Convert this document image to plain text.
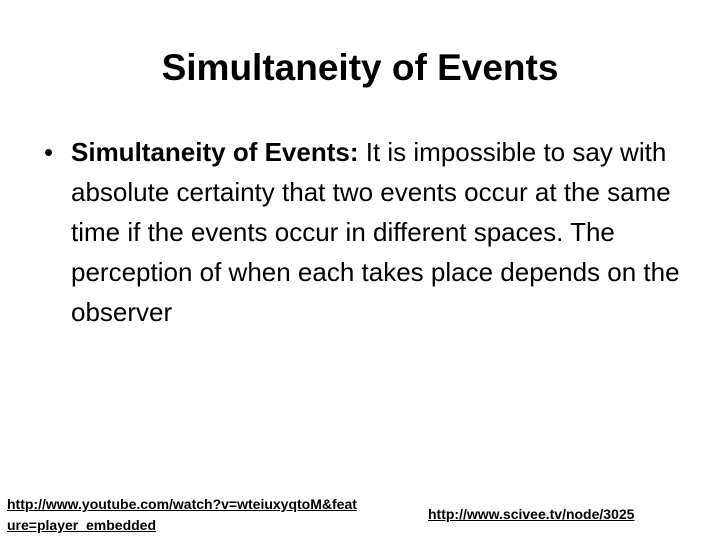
Simultaneity of Events
• Simultaneity of Events: It is impossible to say with absolute certainty that two events occur at the same time if the events occur in different spaces. The perception of when each takes place depends on the observer
http://www.youtube.com/watch?v=wteiuxyqtoM&feature=player_embedded
http://www.scivee.tv/node/3025
